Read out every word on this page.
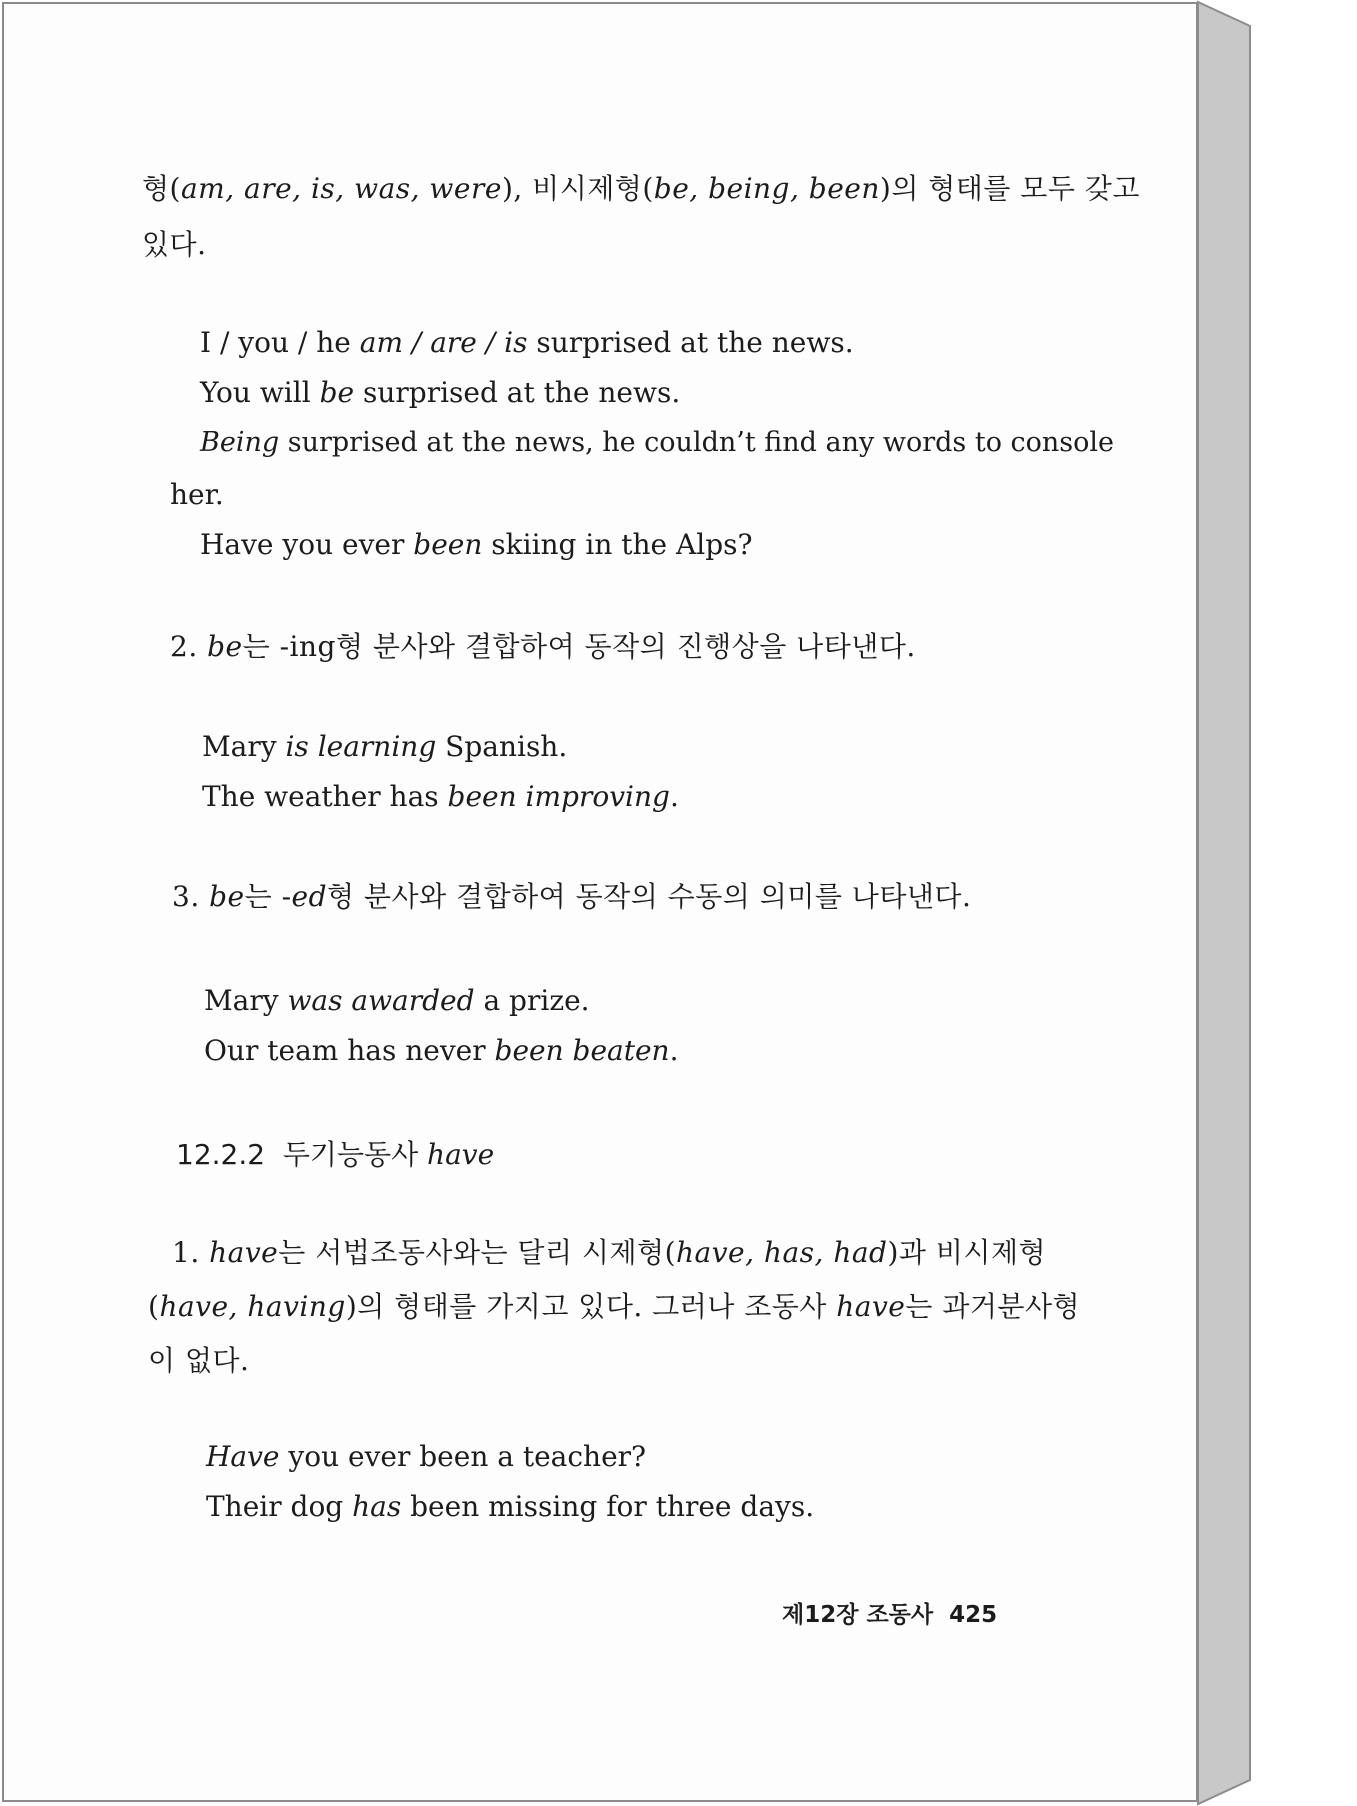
형(am, are, is, was, were), 비시제형(be, being, been)의 형태를 모두 갖고
있다.
I / you / he am / are / is surprised at the news.
You will be surprised at the news.
Being surprised at the news, he couldn’t find any words to console
her.
Have you ever been skiing in the Alps?
2. be는 -ing형 분사와 결합하여 동작의 진행상을 나타낸다.
Mary is learning Spanish.
The weather has been improving.
3. be는 -ed형 분사와 결합하여 동작의 수동의 의미를 나타낸다.
Mary was awarded a prize.
Our team has never been beaten.
12.2.2 두기능동사 have
1. have는 서법조동사와는 달리 시제형(have, has, had)과 비시제형
(have, having)의 형태를 가지고 있다. 그러나 조동사 have는 과거분사형
이 없다.
Have you ever been a teacher?
Their dog has been missing for three days.
제12장 조동사 425
